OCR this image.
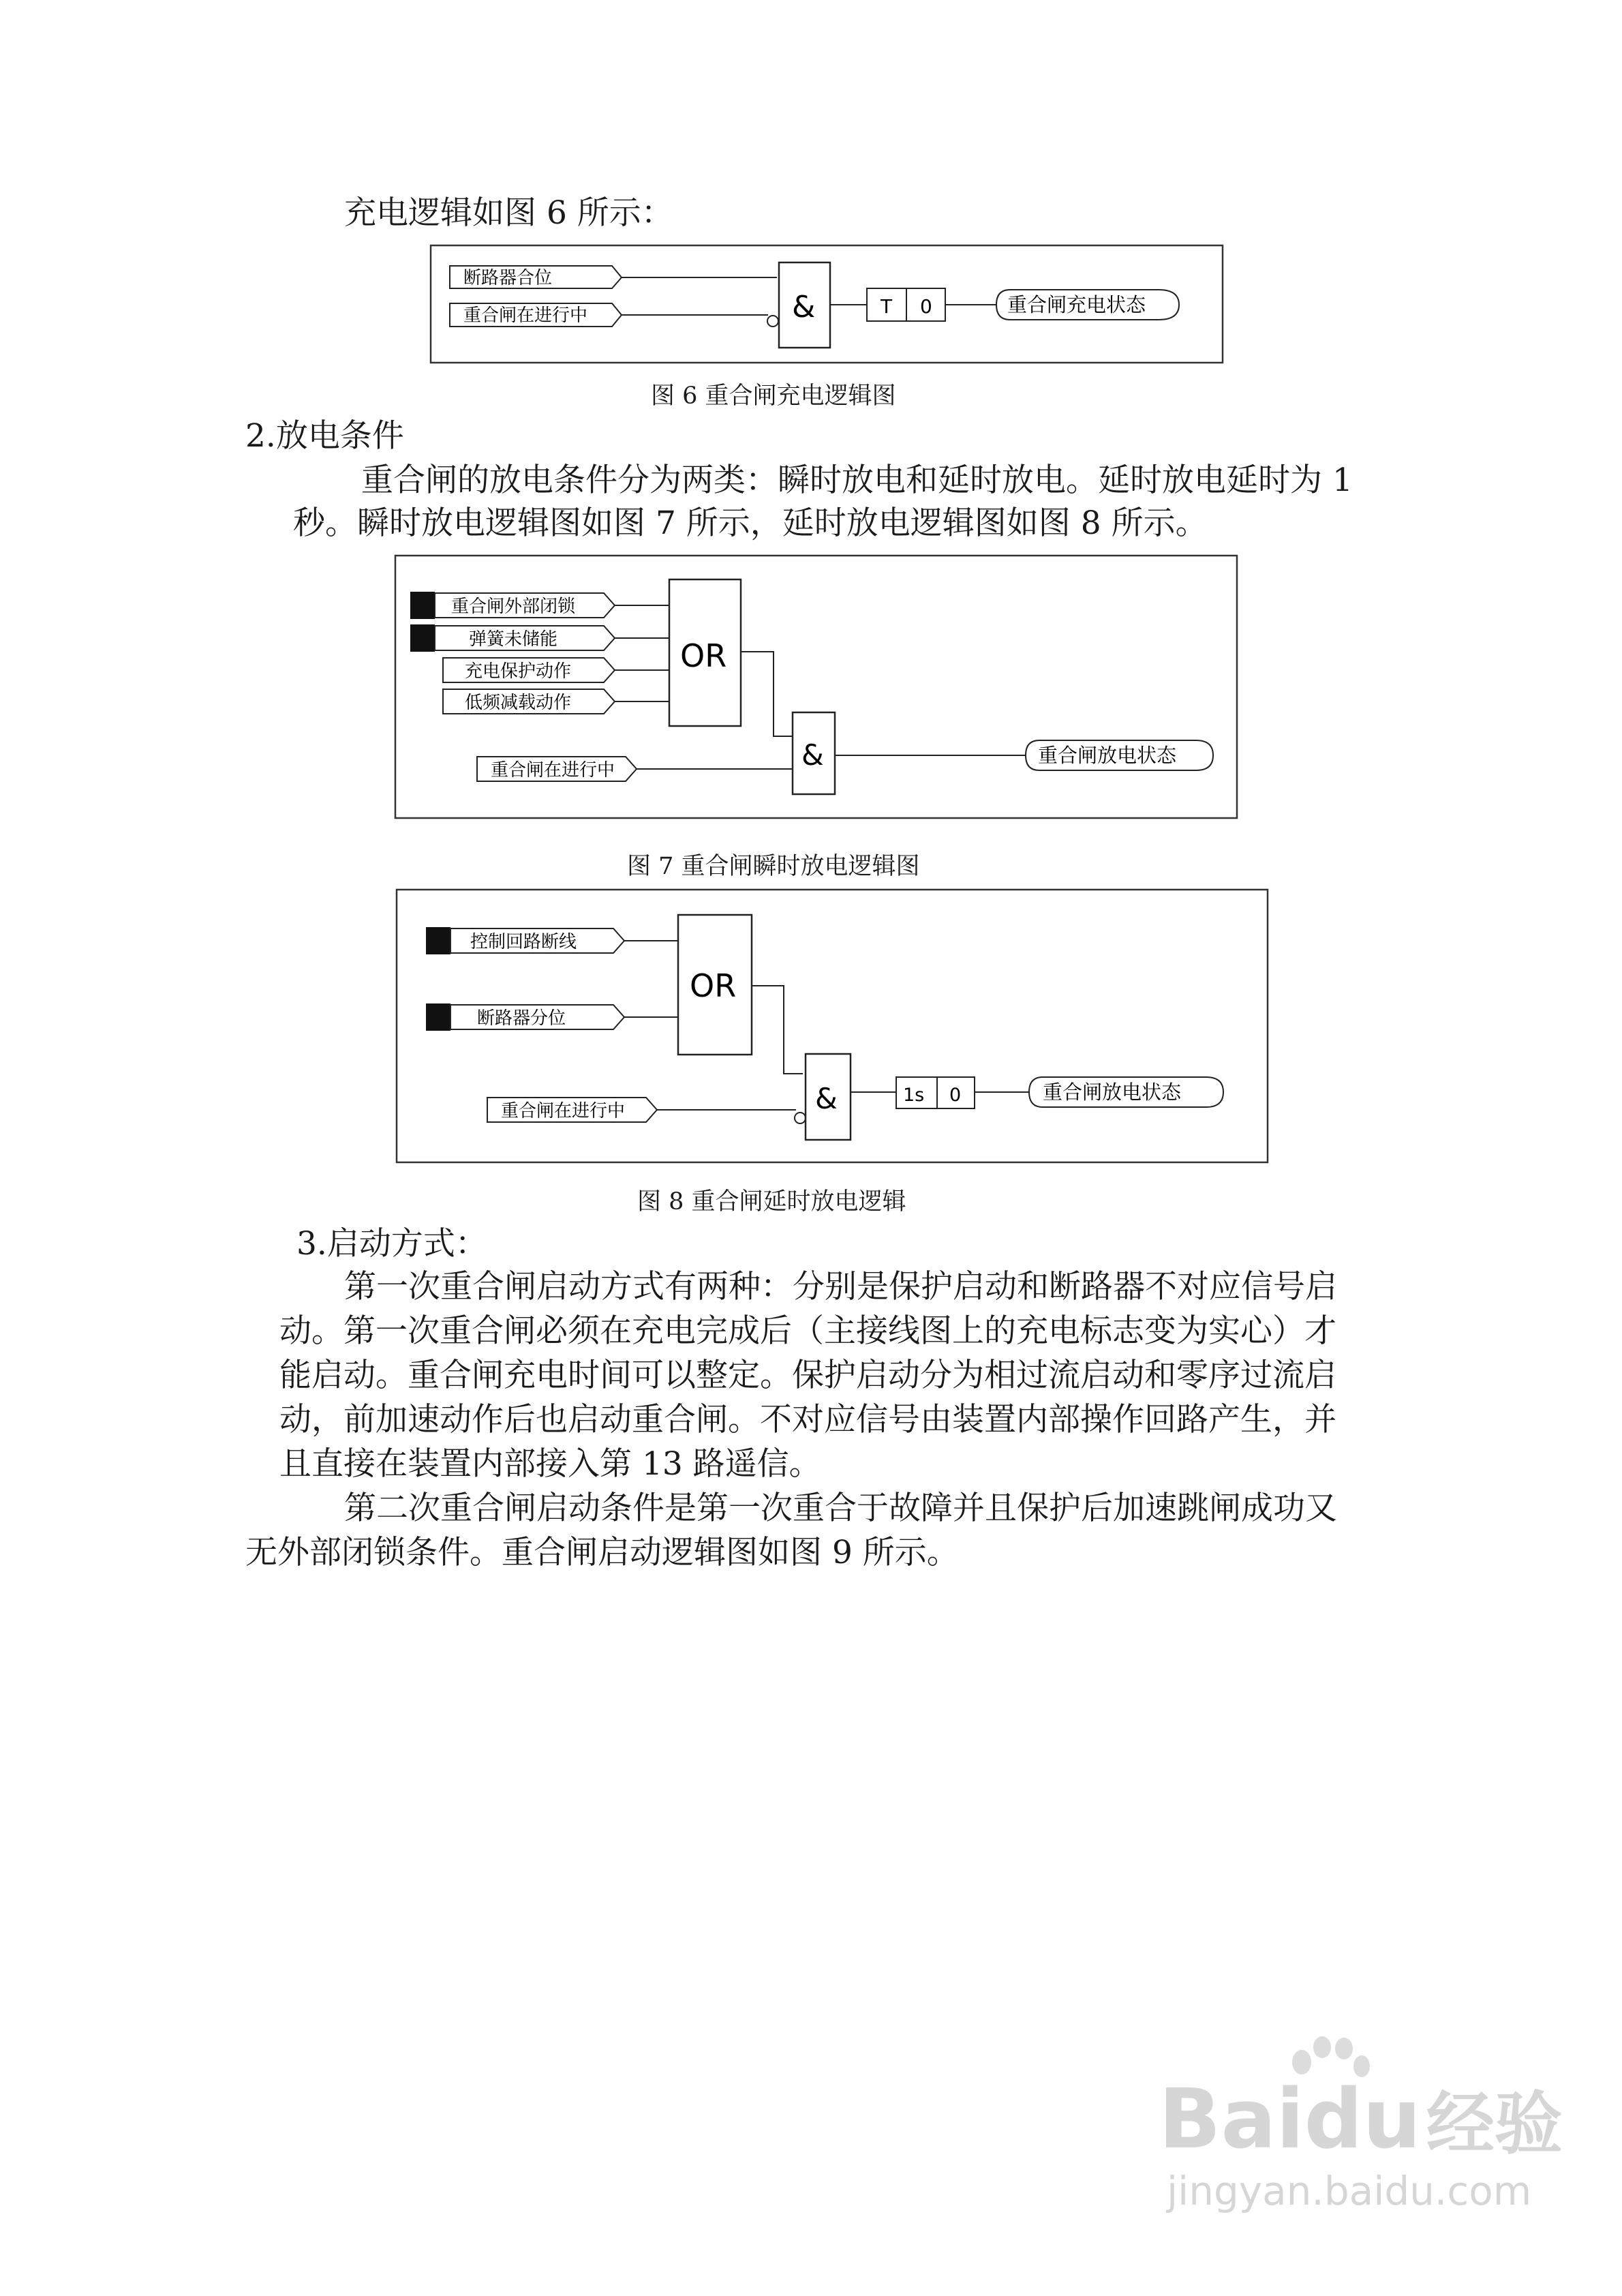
充电逻辑如图 6 所示：
断路器合位
重合闸在进行中	&	T 0	重合闸充电状态
图 6 重合闸充电逻辑图
2.放电条件
重合闸的放电条件分为两类：瞬时放电和延时放电。延时放电延时为 1
秒。瞬时放电逻辑图如图 7 所示，延时放电逻辑图如图 8 所示。
重合闸外部闭锁
弹簧未储能
充电保护动作
低频减载动作
OR
重合闸在进行中	&	重合闸放电状态
图 7 重合闸瞬时放电逻辑图
控制回路断线
断路器分位
OR
重合闸在进行中	&	1s 0	重合闸放电状态
图 8 重合闸延时放电逻辑
3.启动方式：
第一次重合闸启动方式有两种：分别是保护启动和断路器不对应信号启
动。第一次重合闸必须在充电完成后（主接线图上的充电标志变为实心）才
能启动。重合闸充电时间可以整定。保护启动分为相过流启动和零序过流启
动，前加速动作后也启动重合闸。不对应信号由装置内部操作回路产生，并
且直接在装置内部接入第 13 路遥信。
第二次重合闸启动条件是第一次重合于故障并且保护后加速跳闸成功又
无外部闭锁条件。重合闸启动逻辑图如图 9 所示。
Baidu经验
jingyan.baidu.com
